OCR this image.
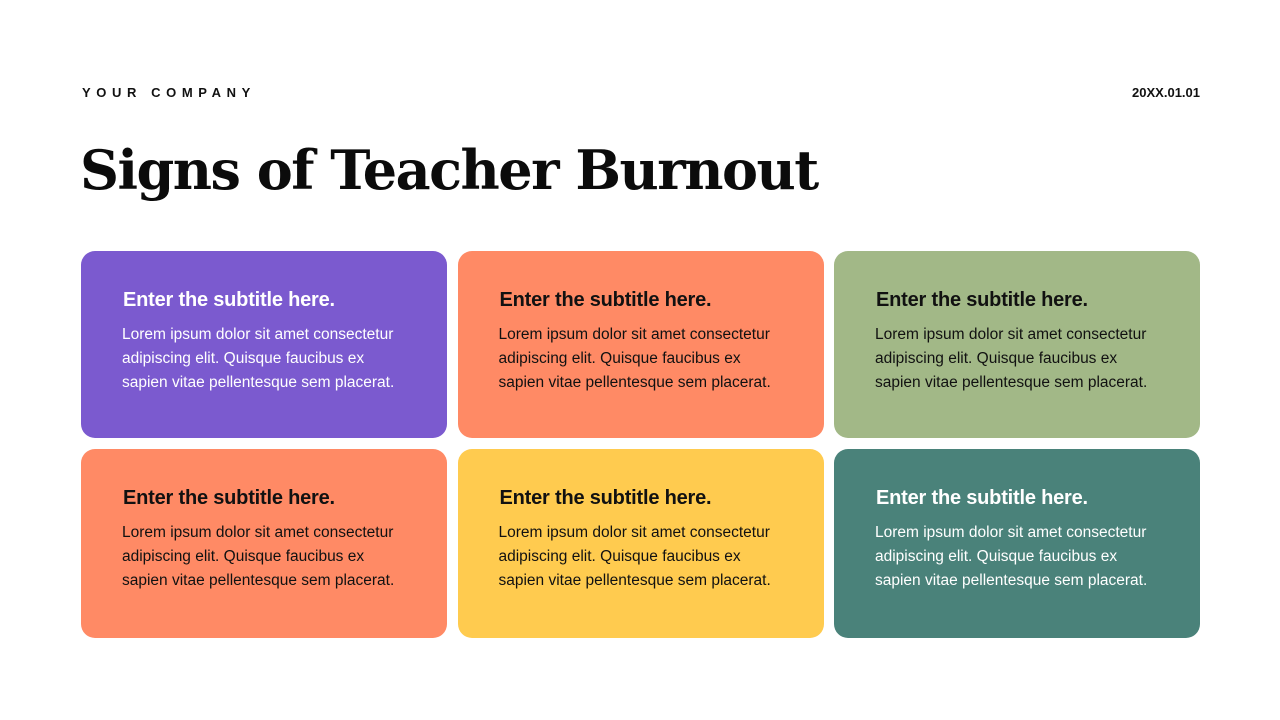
YOUR COMPANY	20XX.01.01
Signs of Teacher Burnout
Enter the subtitle here.

Lorem ipsum dolor sit amet consectetur adipiscing elit. Quisque faucibus ex sapien vitae pellentesque sem placerat.

Enter the subtitle here.

Lorem ipsum dolor sit amet consectetur adipiscing elit. Quisque faucibus ex sapien vitae pellentesque sem placerat.

Enter the subtitle here.

Lorem ipsum dolor sit amet consectetur adipiscing elit. Quisque faucibus ex sapien vitae pellentesque sem placerat.

Enter the subtitle here.

Lorem ipsum dolor sit amet consectetur adipiscing elit. Quisque faucibus ex sapien vitae pellentesque sem placerat.

Enter the subtitle here.

Lorem ipsum dolor sit amet consectetur adipiscing elit. Quisque faucibus ex sapien vitae pellentesque sem placerat.

Enter the subtitle here.

Lorem ipsum dolor sit amet consectetur adipiscing elit. Quisque faucibus ex sapien vitae pellentesque sem placerat.
